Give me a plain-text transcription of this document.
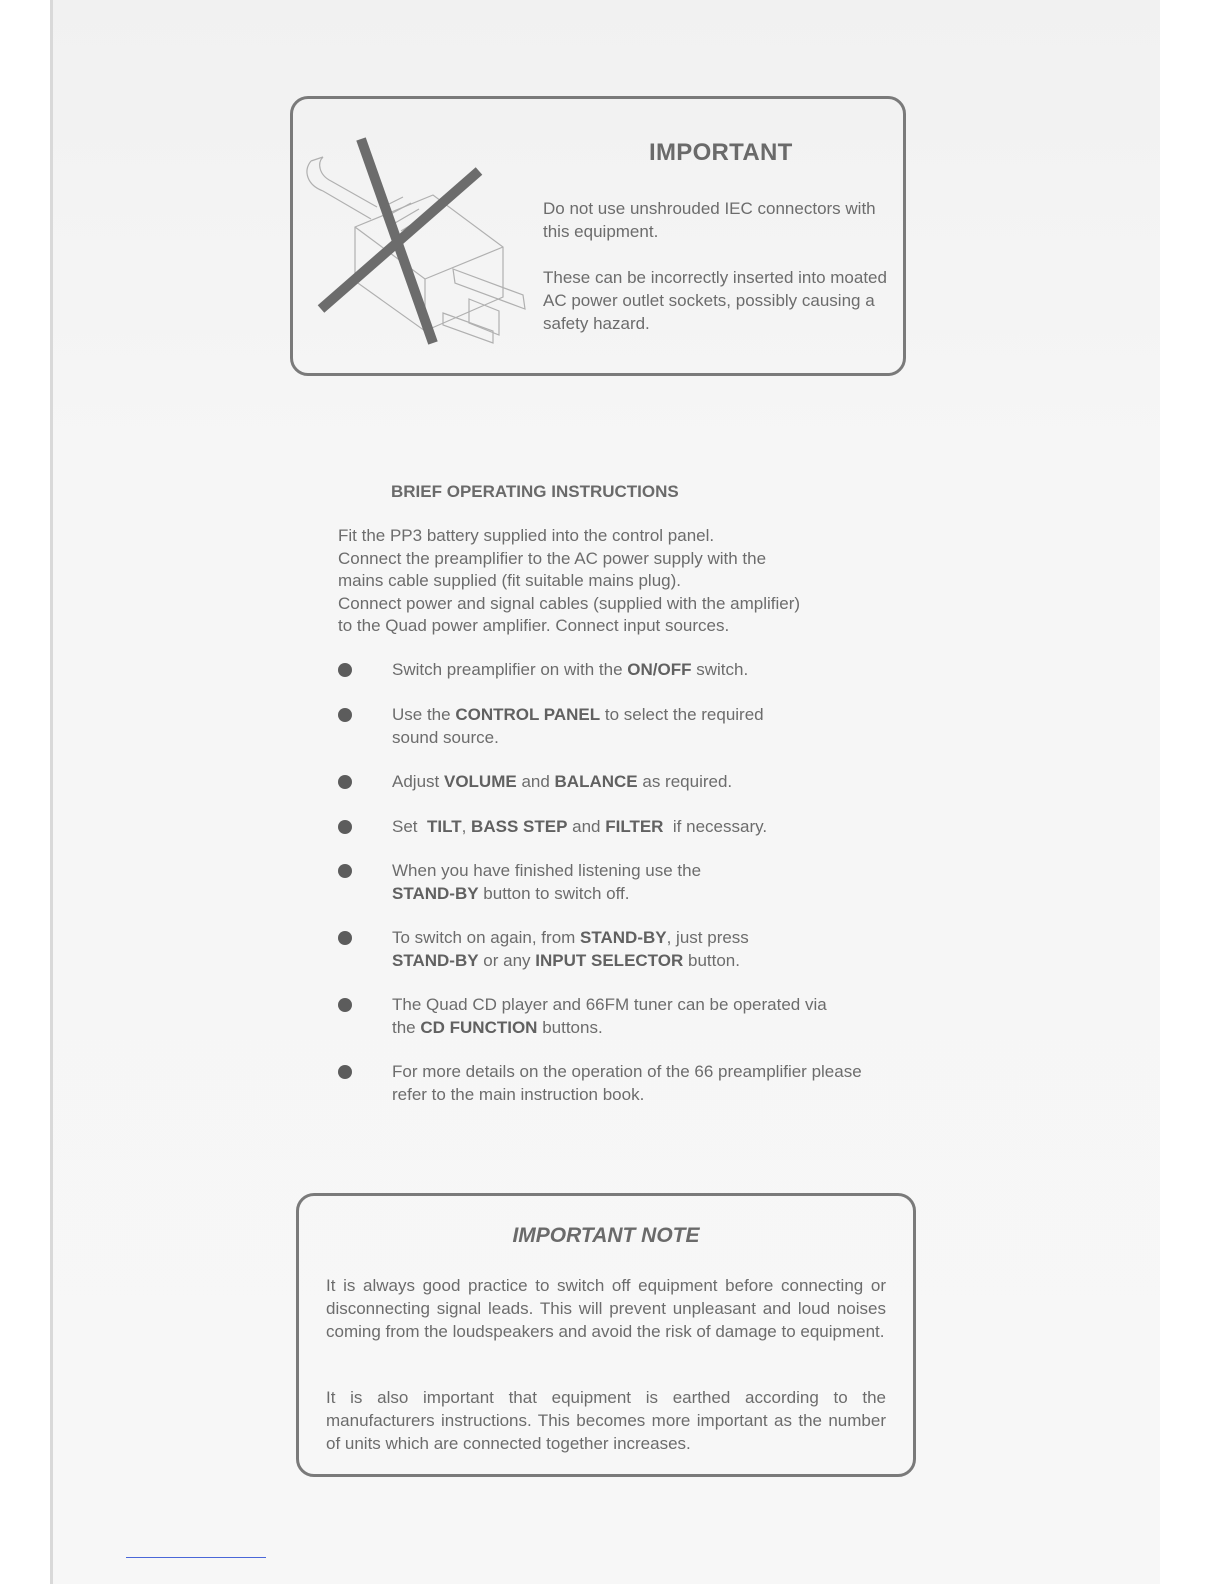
IMPORTANT

Do not use unshrouded IEC connectors with this equipment.

These can be incorrectly inserted into moated AC power outlet sockets, possibly causing a safety hazard.

BRIEF OPERATING INSTRUCTIONS
Fit the PP3 battery supplied into the control panel.
Connect the preamplifier to the AC power supply with the
mains cable supplied (fit suitable mains plug).
Connect power and signal cables (supplied with the amplifier)
to the Quad power amplifier. Connect input sources.
Switch preamplifier on with the ON/OFF switch.
Use the CONTROL PANEL to select the required sound source.
Adjust VOLUME and BALANCE as required.
Set  TILT, BASS STEP and FILTER  if necessary.
When you have finished listening use the STAND-BY button to switch off.
To switch on again, from STAND-BY, just press STAND-BY or any INPUT SELECTOR button.
The Quad CD player and 66FM tuner can be operated via the CD FUNCTION buttons.
For more details on the operation of the 66 preamplifier please refer to the main instruction book.
IMPORTANT NOTE

It is always good practice to switch off equipment before connecting or disconnecting signal leads. This will prevent unpleasant and loud noises coming from the loudspeakers and avoid the risk of damage to equipment.

It is also important that equipment is earthed according to the manufacturers instructions. This becomes more important as the number of units which are connected together increases.
